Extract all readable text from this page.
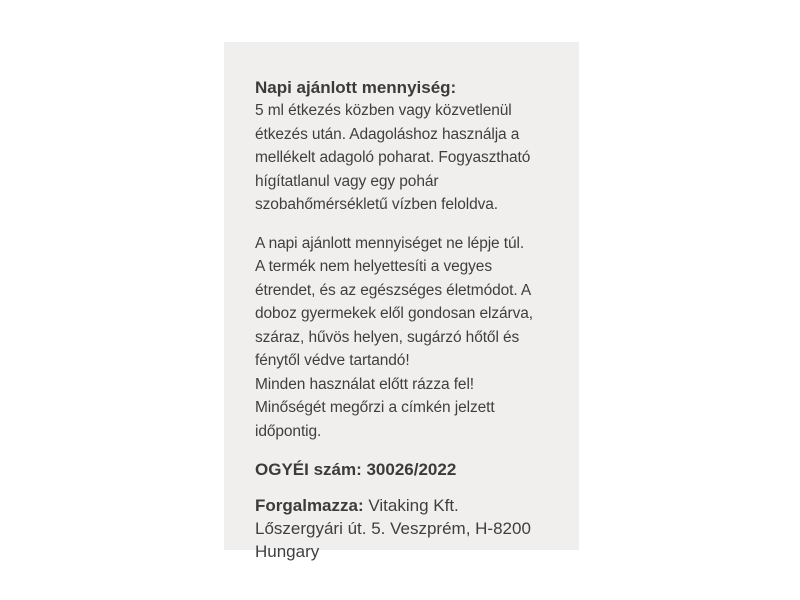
Napi ajánlott mennyiség:
5 ml étkezés közben vagy közvetlenül
étkezés után. Adagoláshoz használja a
mellékelt adagoló poharat. Fogyasztható
hígítatlanul vagy egy pohár
szobahőmérsékletű vízben feloldva.
A napi ajánlott mennyiséget ne lépje túl.
A termék nem helyettesíti a vegyes
étrendet, és az egészséges életmódot. A
doboz gyermekek elől gondosan elzárva,
száraz, hűvös helyen, sugárzó hőtől és
fénytől védve tartandó!
Minden használat előtt rázza fel!
Minőségét megőrzi a címkén jelzett
időpontig.
OGYÉI szám: 30026/2022
Forgalmazza: Vitaking Kft.
Lőszergyári út. 5. Veszprém, H-8200
Hungary
